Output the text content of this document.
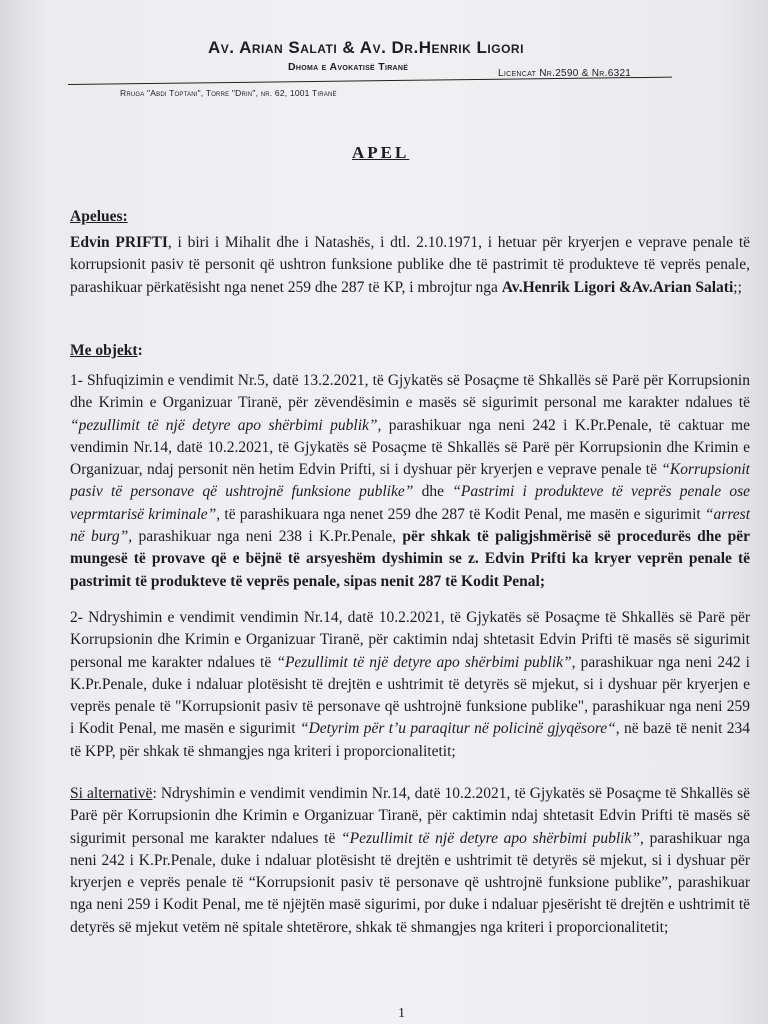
Av. Arian Salati & Av. Dr.Henrik Ligori
Dhoma e Avokatisë Tiranë
Licencat Nr.2590 & Nr.6321
Rruga "Abdi Toptani", Torre "Drin", nr. 62, 1001 Tiranë
APEL
Apelues:
Edvin PRIFTI, i biri i Mihalit dhe i Natashës, i dtl. 2.10.1971, i hetuar për kryerjen e veprave penale të korrupsionit pasiv të personit që ushtron funksione publike dhe të pastrimit të produkteve të veprës penale, parashikuar përkatësisht nga nenet 259 dhe 287 të KP, i mbrojtur nga Av.Henrik Ligori &Av.Arian Salati;;
Me objekt:
1- Shfuqizimin e vendimit Nr.5, datë 13.2.2021, të Gjykatës së Posaçme të Shkallës së Parë për Korrupsionin dhe Krimin e Organizuar Tiranë, për zëvendësimin e masës së sigurimit personal me karakter ndalues të “pezullimit të një detyre apo shërbimi publik”, parashikuar nga neni 242 i K.Pr.Penale, të caktuar me vendimin Nr.14, datë 10.2.2021, të Gjykatës së Posaçme të Shkallës së Parë për Korrupsionin dhe Krimin e Organizuar, ndaj personit nën hetim Edvin Prifti, si i dyshuar për kryerjen e veprave penale të “Korrupsionit pasiv të personave që ushtrojnë funksione publike” dhe “Pastrimi i produkteve të veprës penale ose veprmtarisë kriminale”, të parashikuara nga nenet 259 dhe 287 të Kodit Penal, me masën e sigurimit “arrest në burg”, parashikuar nga neni 238 i K.Pr.Penale, për shkak të paligjshmërisë së procedurës dhe për mungesë të provave që e bëjnë të arsyeshëm dyshimin se z. Edvin Prifti ka kryer veprën penale të pastrimit të produkteve të veprës penale, sipas nenit 287 të Kodit Penal;
2- Ndryshimin e vendimit vendimin Nr.14, datë 10.2.2021, të Gjykatës së Posaçme të Shkallës së Parë për Korrupsionin dhe Krimin e Organizuar Tiranë, për caktimin ndaj shtetasit Edvin Prifti të masës së sigurimit personal me karakter ndalues të “Pezullimit të një detyre apo shërbimi publik”, parashikuar nga neni 242 i K.Pr.Penale, duke i ndaluar plotësisht të drejtën e ushtrimit të detyrës së mjekut, si i dyshuar për kryerjen e veprës penale të "Korrupsionit pasiv të personave që ushtrojnë funksione publike", parashikuar nga neni 259 i Kodit Penal, me masën e sigurimit “Detyrim për t’u paraqitur në policinë gjyqësore“, në bazë të nenit 234 të KPP, për shkak të shmangjes nga kriteri i proporcionalitetit;
Si alternativë: Ndryshimin e vendimit vendimin Nr.14, datë 10.2.2021, të Gjykatës së Posaçme të Shkallës së Parë për Korrupsionin dhe Krimin e Organizuar Tiranë, për caktimin ndaj shtetasit Edvin Prifti të masës së sigurimit personal me karakter ndalues të “Pezullimit të një detyre apo shërbimi publik”, parashikuar nga neni 242 i K.Pr.Penale, duke i ndaluar plotësisht të drejtën e ushtrimit të detyrës së mjekut, si i dyshuar për kryerjen e veprës penale të “Korrupsionit pasiv të personave që ushtrojnë funksione publike”, parashikuar nga neni 259 i Kodit Penal, me të njëjtën masë sigurimi, por duke i ndaluar pjesërisht të drejtën e ushtrimit të detyrës së mjekut vetëm në spitale shtetërore, shkak të shmangjes nga kriteri i proporcionalitetit;
1
